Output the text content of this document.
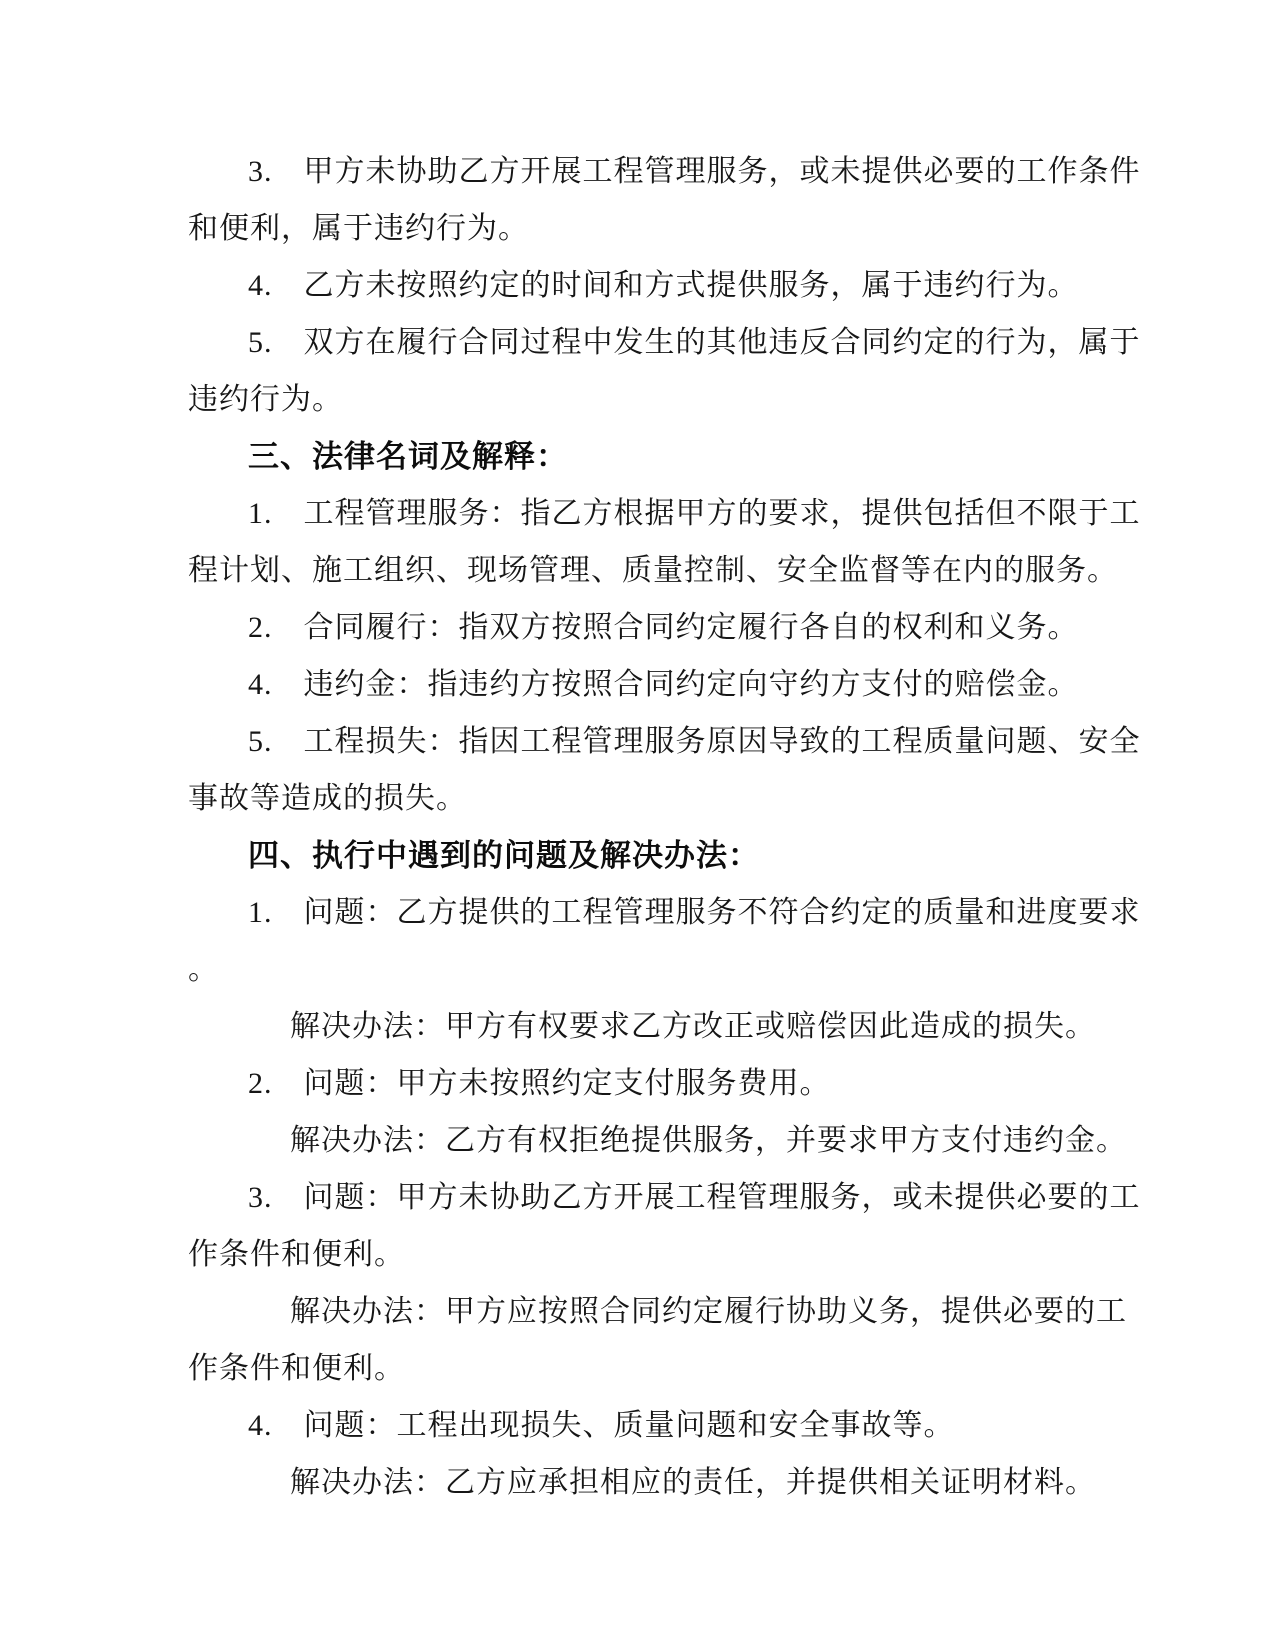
3.　甲方未协助乙方开展工程管理服务，或未提供必要的工作条件
和便利，属于违约行为。
4.　乙方未按照约定的时间和方式提供服务，属于违约行为。
5.　双方在履行合同过程中发生的其他违反合同约定的行为，属于
违约行为。
三、法律名词及解释：
1.　工程管理服务：指乙方根据甲方的要求，提供包括但不限于工
程计划、施工组织、现场管理、质量控制、安全监督等在内的服务。
2.　合同履行：指双方按照合同约定履行各自的权利和义务。
4.　违约金：指违约方按照合同约定向守约方支付的赔偿金。
5.　工程损失：指因工程管理服务原因导致的工程质量问题、安全
事故等造成的损失。
四、执行中遇到的问题及解决办法：
1.　问题：乙方提供的工程管理服务不符合约定的质量和进度要求
。
解决办法：甲方有权要求乙方改正或赔偿因此造成的损失。
2.　问题：甲方未按照约定支付服务费用。
解决办法：乙方有权拒绝提供服务，并要求甲方支付违约金。
3.　问题：甲方未协助乙方开展工程管理服务，或未提供必要的工
作条件和便利。
解决办法：甲方应按照合同约定履行协助义务，提供必要的工
作条件和便利。
4.　问题：工程出现损失、质量问题和安全事故等。
解决办法：乙方应承担相应的责任，并提供相关证明材料。
